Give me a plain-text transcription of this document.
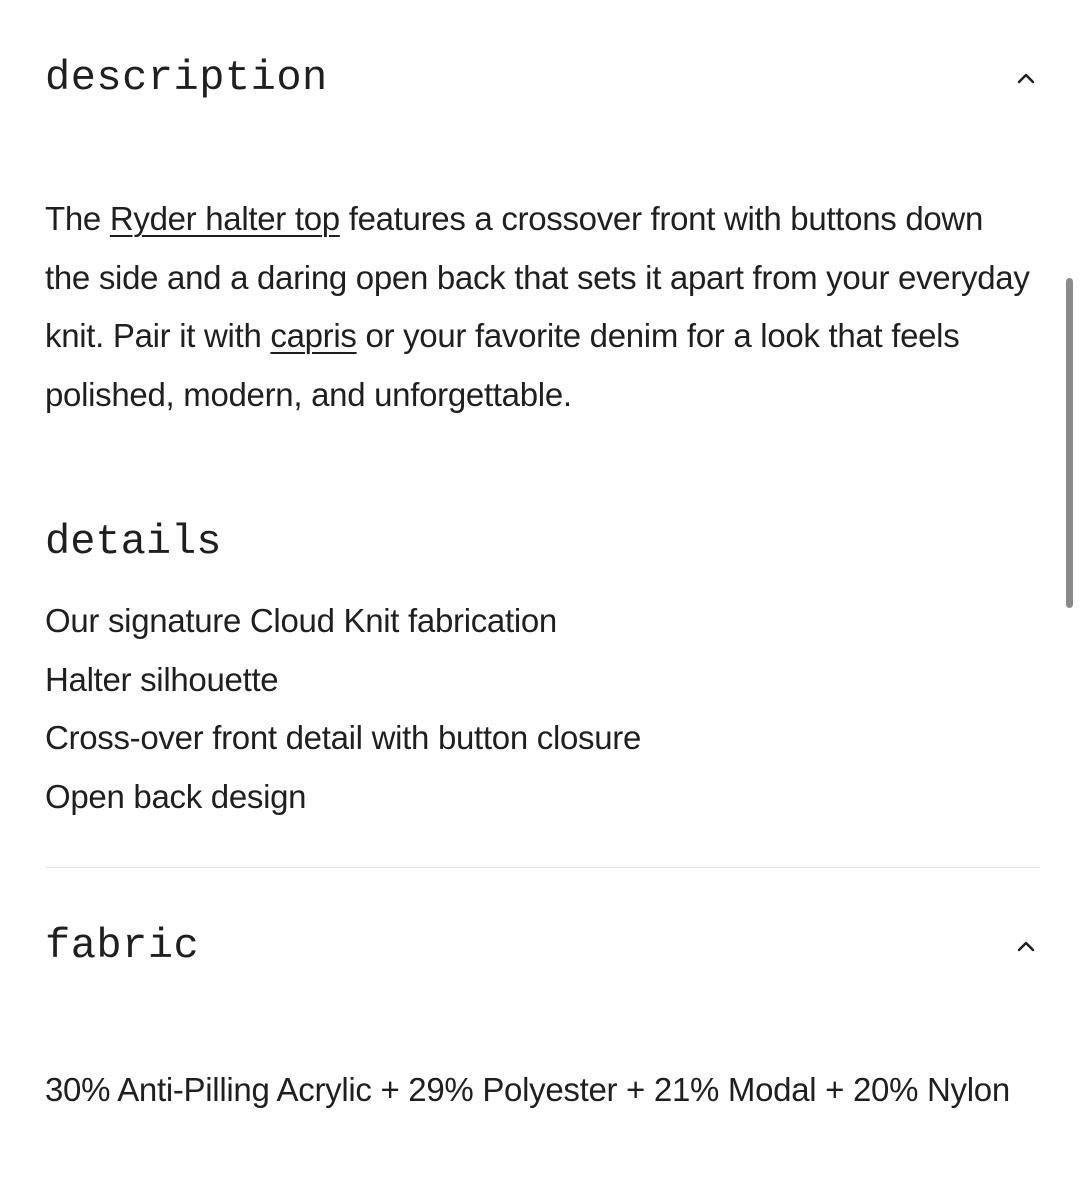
description

The Ryder halter top features a crossover front with buttons down the side and a daring open back that sets it apart from your everyday knit. Pair it with capris or your favorite denim for a look that feels polished, modern, and unforgettable.

details
Our signature Cloud Knit fabrication
Halter silhouette
Cross-over front detail with button closure
Open back design
fabric

30% Anti-Pilling Acrylic + 29% Polyester + 21% Modal + 20% Nylon
